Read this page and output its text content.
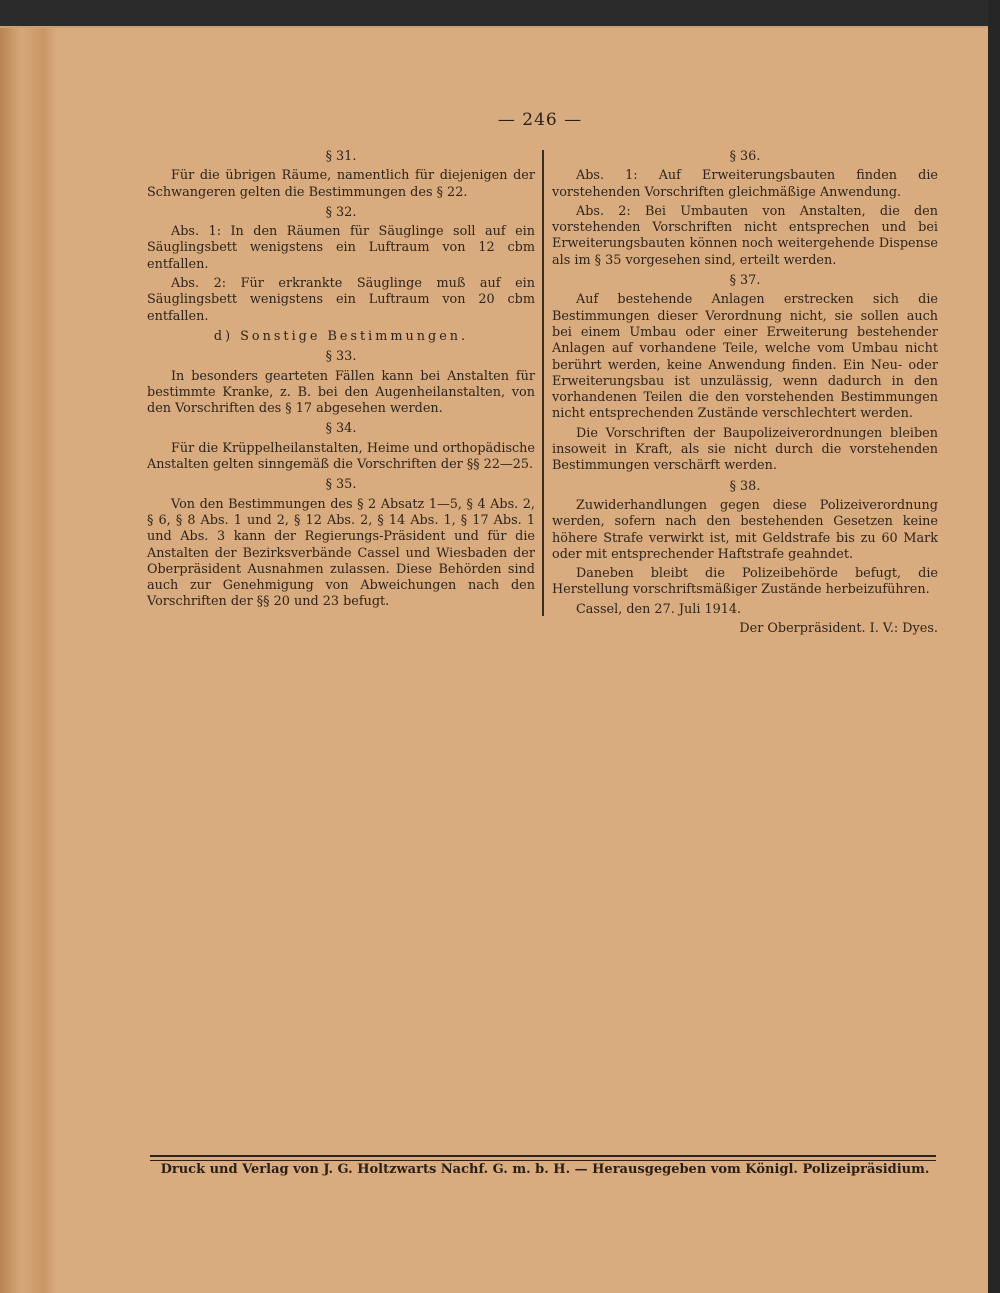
— 246 —
§ 31.

Für die übrigen Räume, namentlich für diejenigen der Schwangeren gelten die Bestimmungen des § 22.

§ 32.

Abs. 1: In den Räumen für Säuglinge soll auf ein Säuglingsbett wenigstens ein Luftraum von 12 cbm entfallen.

Abs. 2: Für erkrankte Säuglinge muß auf ein Säuglingsbett wenigstens ein Luftraum von 20 cbm entfallen.

d) Sonstige Bestimmungen.
§ 33.

In besonders gearteten Fällen kann bei Anstalten für bestimmte Kranke, z. B. bei den Augenheilanstalten, von den Vorschriften des § 17 abgesehen werden.

§ 34.

Für die Krüppelheilanstalten, Heime und orthopädische Anstalten gelten sinngemäß die Vorschriften der §§ 22—25.

§ 35.

Von den Bestimmungen des § 2 Absatz 1—5, § 4 Abs. 2, § 6, § 8 Abs. 1 und 2, § 12 Abs. 2, § 14 Abs. 1, § 17 Abs. 1 und Abs. 3 kann der Regierungs-Präsident und für die Anstalten der Bezirksverbände Cassel und Wiesbaden der Oberpräsident Ausnahmen zulassen. Diese Behörden sind auch zur Genehmigung von Abweichungen nach den Vorschriften der §§ 20 und 23 befugt.

§ 36.

Abs. 1: Auf Erweiterungsbauten finden die vorstehenden Vorschriften gleichmäßige Anwendung.

Abs. 2: Bei Umbauten von Anstalten, die den vorstehenden Vorschriften nicht entsprechen und bei Erweiterungsbauten können noch weitergehende Dispense als im § 35 vorgesehen sind, erteilt werden.

§ 37.

Auf bestehende Anlagen erstrecken sich die Bestimmungen dieser Verordnung nicht, sie sollen auch bei einem Umbau oder einer Erweiterung bestehender Anlagen auf vorhandene Teile, welche vom Umbau nicht berührt werden, keine Anwendung finden. Ein Neu- oder Erweiterungsbau ist unzulässig, wenn dadurch in den vorhandenen Teilen die den vorstehenden Bestimmungen nicht entsprechenden Zustände verschlechtert werden.

Die Vorschriften der Baupolizeiverordnungen bleiben insoweit in Kraft, als sie nicht durch die vorstehenden Bestimmungen verschärft werden.

§ 38.

Zuwiderhandlungen gegen diese Polizeiverordnung werden, sofern nach den bestehenden Gesetzen keine höhere Strafe verwirkt ist, mit Geldstrafe bis zu 60 Mark oder mit entsprechender Haftstrafe geahndet.

Daneben bleibt die Polizeibehörde befugt, die Herstellung vorschriftsmäßiger Zustände herbeizuführen.

Cassel, den 27. Juli 1914.

Der Oberpräsident. I. V.: Dyes.

Druck und Verlag von J. G. Holtzwarts Nachf. G. m. b. H. — Herausgegeben vom Königl. Polizeipräsidium.
